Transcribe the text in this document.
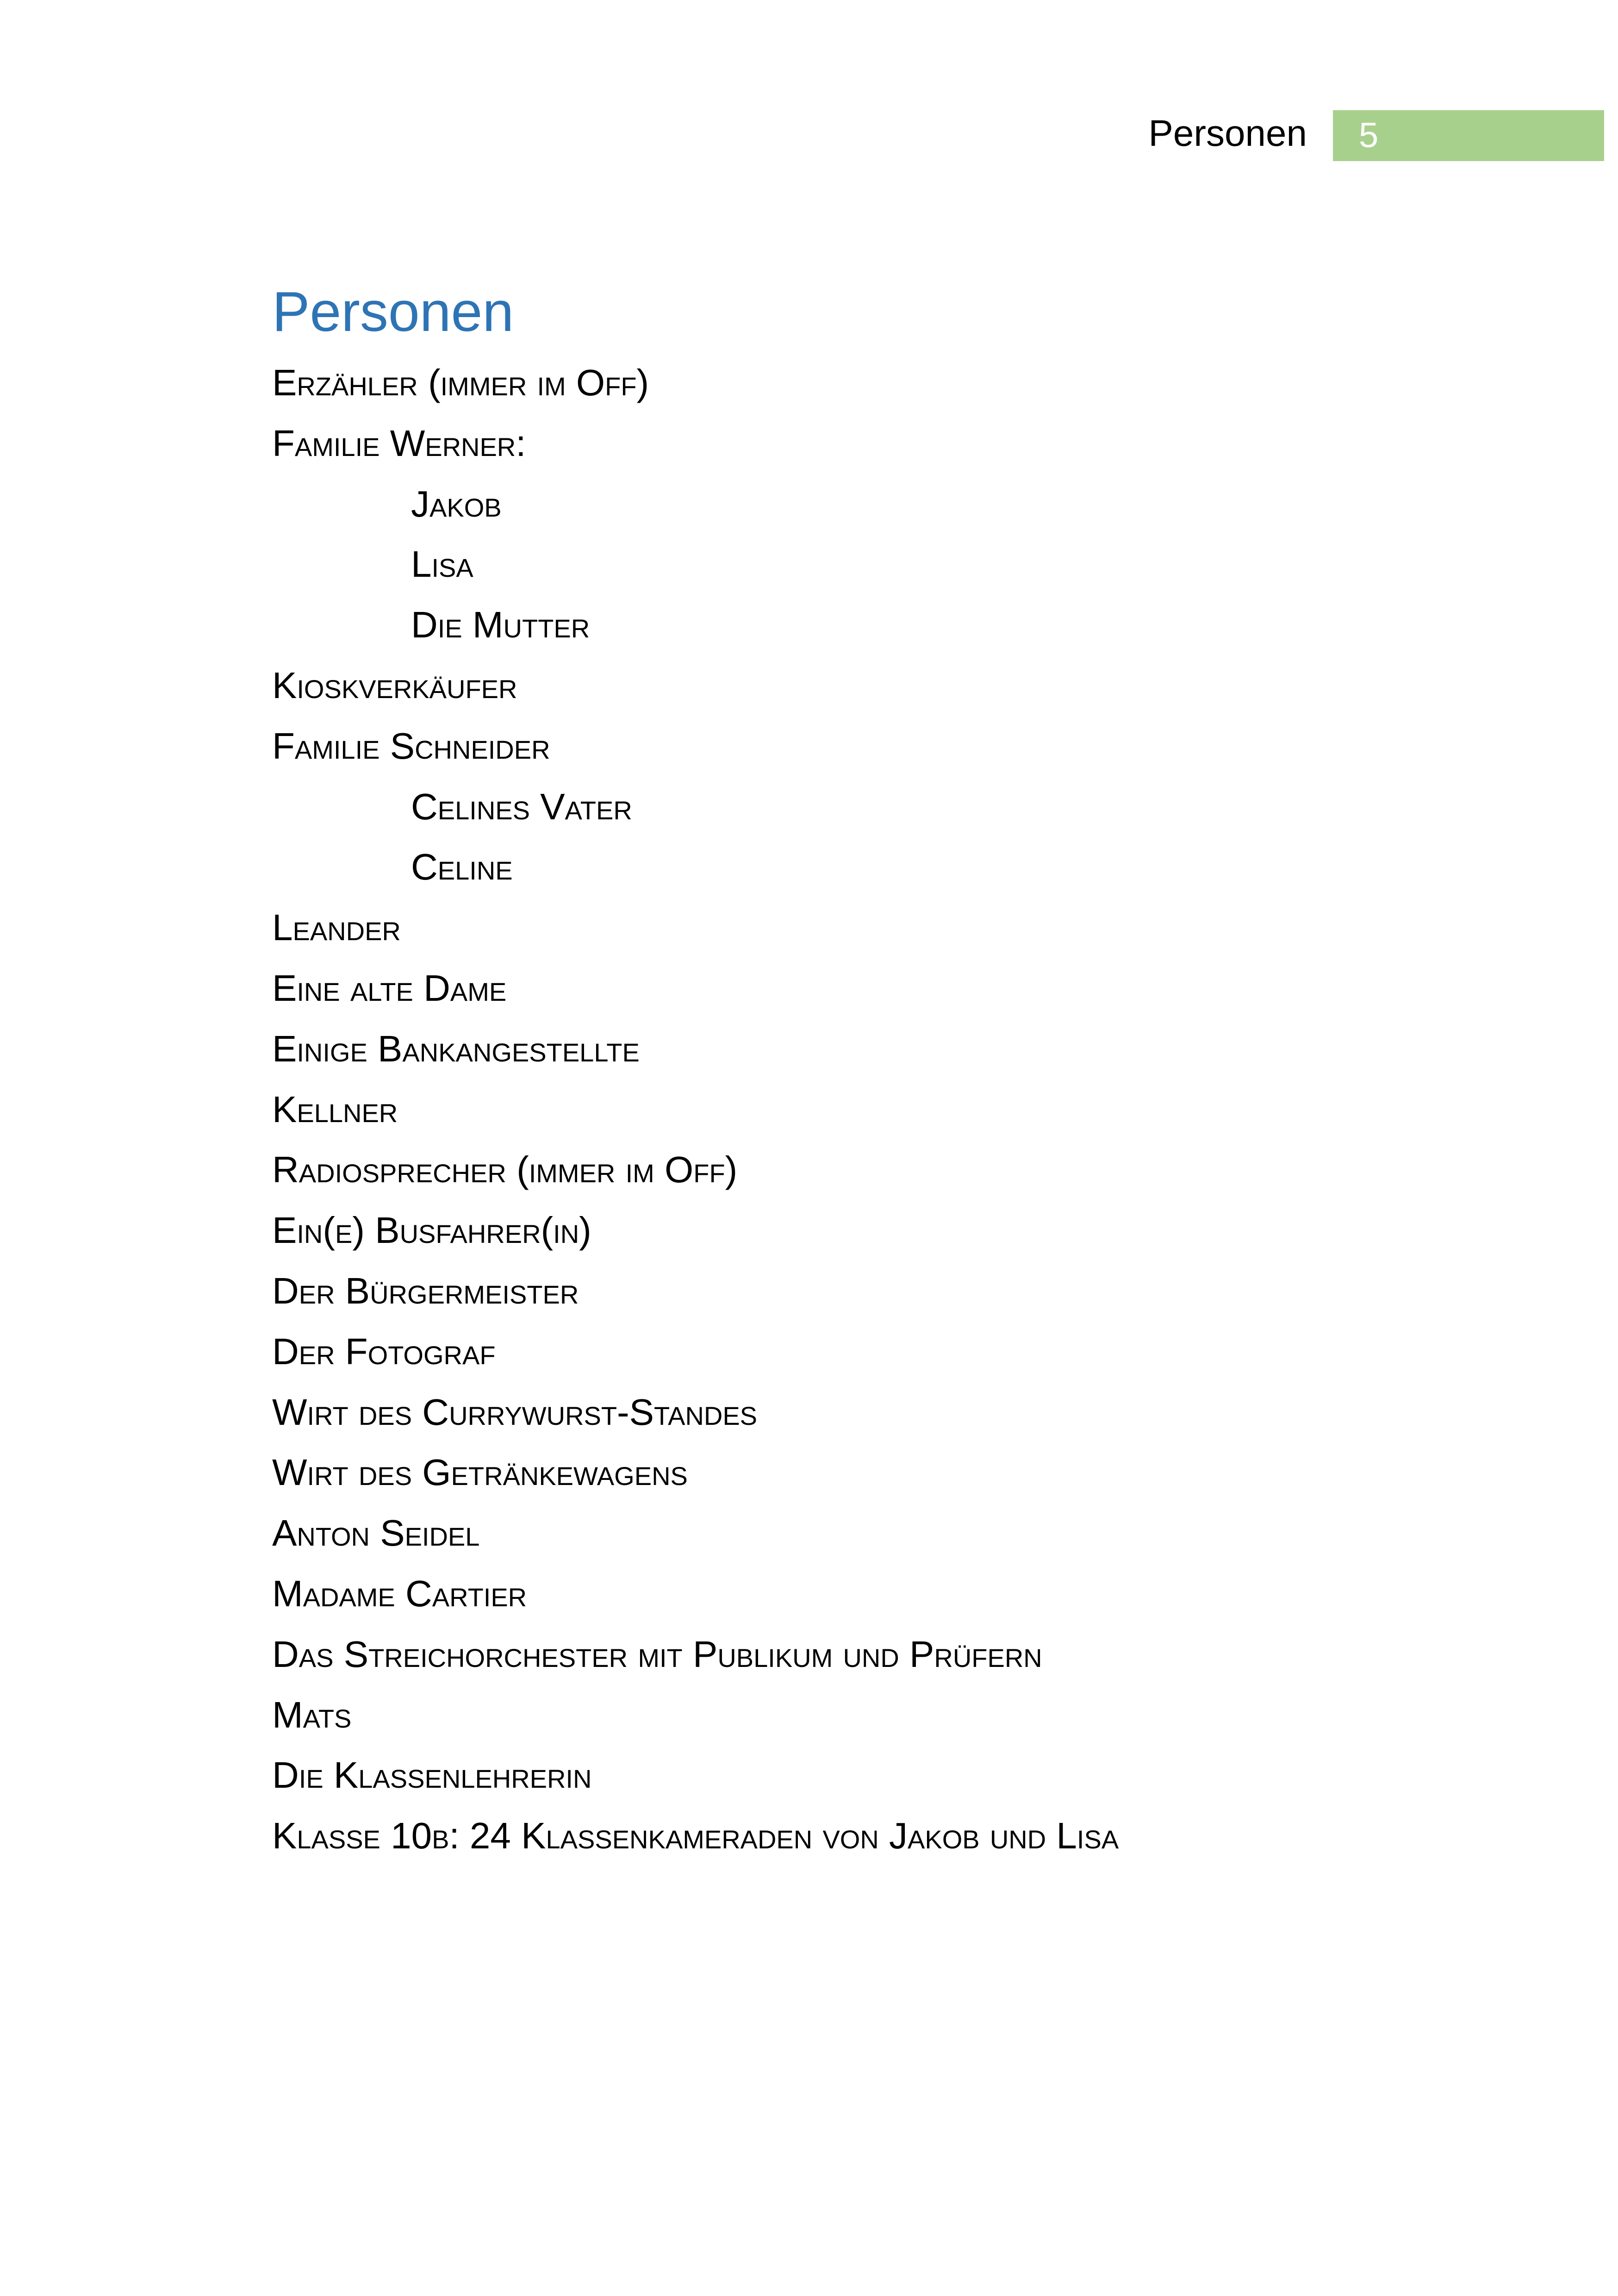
Personen	5
Personen
Erzähler (immer im Off)
Familie Werner:
Jakob
Lisa
Die Mutter
Kioskverkäufer
Familie Schneider
Celines Vater
Celine
Leander
Eine alte Dame
Einige Bankangestellte
Kellner
Radiosprecher (immer im Off)
Ein(e) Busfahrer(in)
Der Bürgermeister
Der Fotograf
Wirt des Currywurst-Standes
Wirt des Getränkewagens
Anton Seidel
Madame Cartier
Das Streichorchester mit Publikum und Prüfern
Mats
Die Klassenlehrerin
Klasse 10b: 24 Klassenkameraden von Jakob und Lisa
